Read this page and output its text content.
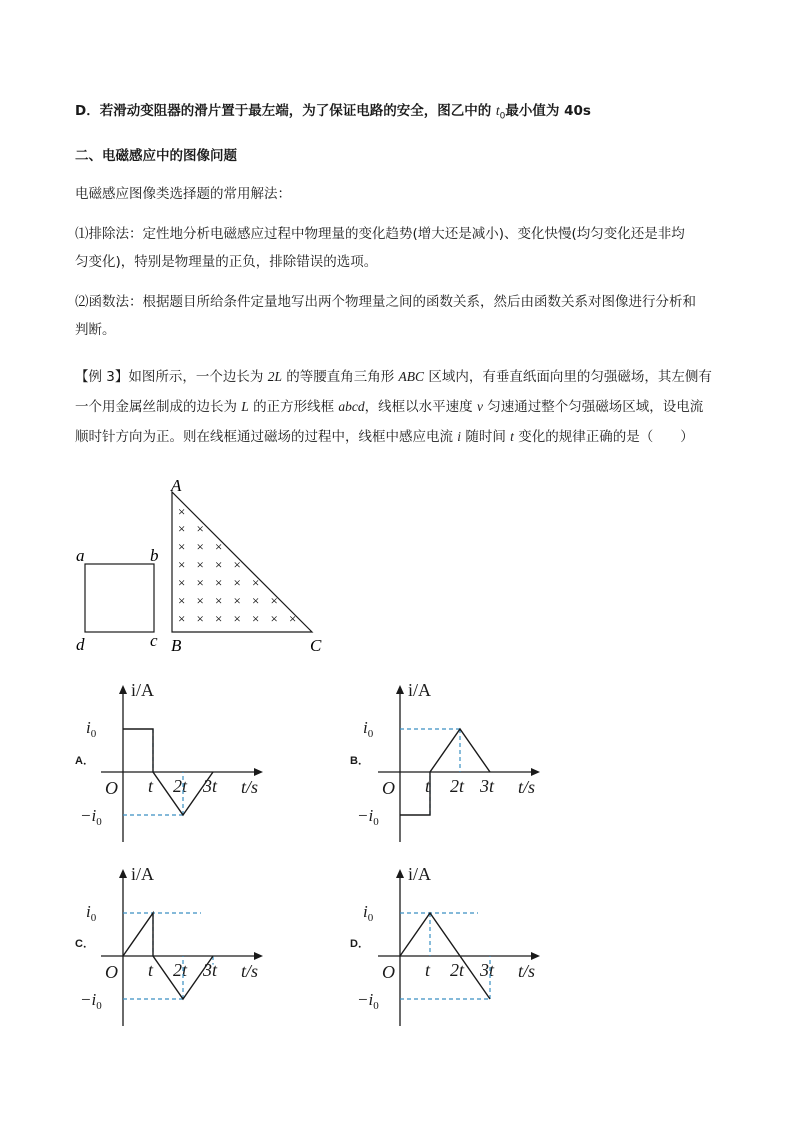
D．若滑动变阻器的滑片置于最左端，为了保证电路的安全，图乙中的 $t_0$最小值为 40s
二、电磁感应中的图像问题
电磁感应图像类选择题的常用解法：
⑴排除法：定性地分析电磁感应过程中物理量的变化趋势(增大还是减小)、变化快慢(均匀变化还是非均
匀变化)，特别是物理量的正负，排除错误的选项。
⑵函数法：根据题目所给条件定量地写出两个物理量之间的函数关系，然后由函数关系对图像进行分析和
判断。
【例 3】如图所示，一个边长为 2L 的等腰直角三角形 ABC 区域内，有垂直纸面向里的匀强磁场，其左侧有
一个用金属丝制成的边长为 L 的正方形线框 abcd，线框以水平速度 v 匀速通过整个匀强磁场区域，设电流
顺时针方向为正。则在线框通过磁场的过程中，线框中感应电流 i 随时间 t 变化的规律正确的是（　　）
a	b
d	c
A
B	C
×
× ×
× × ×
× × × ×
× × × × ×
× × × × × ×
× × × × × × ×
A．	B．
C．	D．
i/A
t/s
O
$i_0$
$-i_0$
t 2t 3t
i/A
t/s
O
$i_0$
$-i_0$
t 2t 3t
i/A
t/s
O
$i_0$
$-i_0$
t 2t 3t
i/A
t/s
O
$i_0$
$-i_0$
t 2t 3t
